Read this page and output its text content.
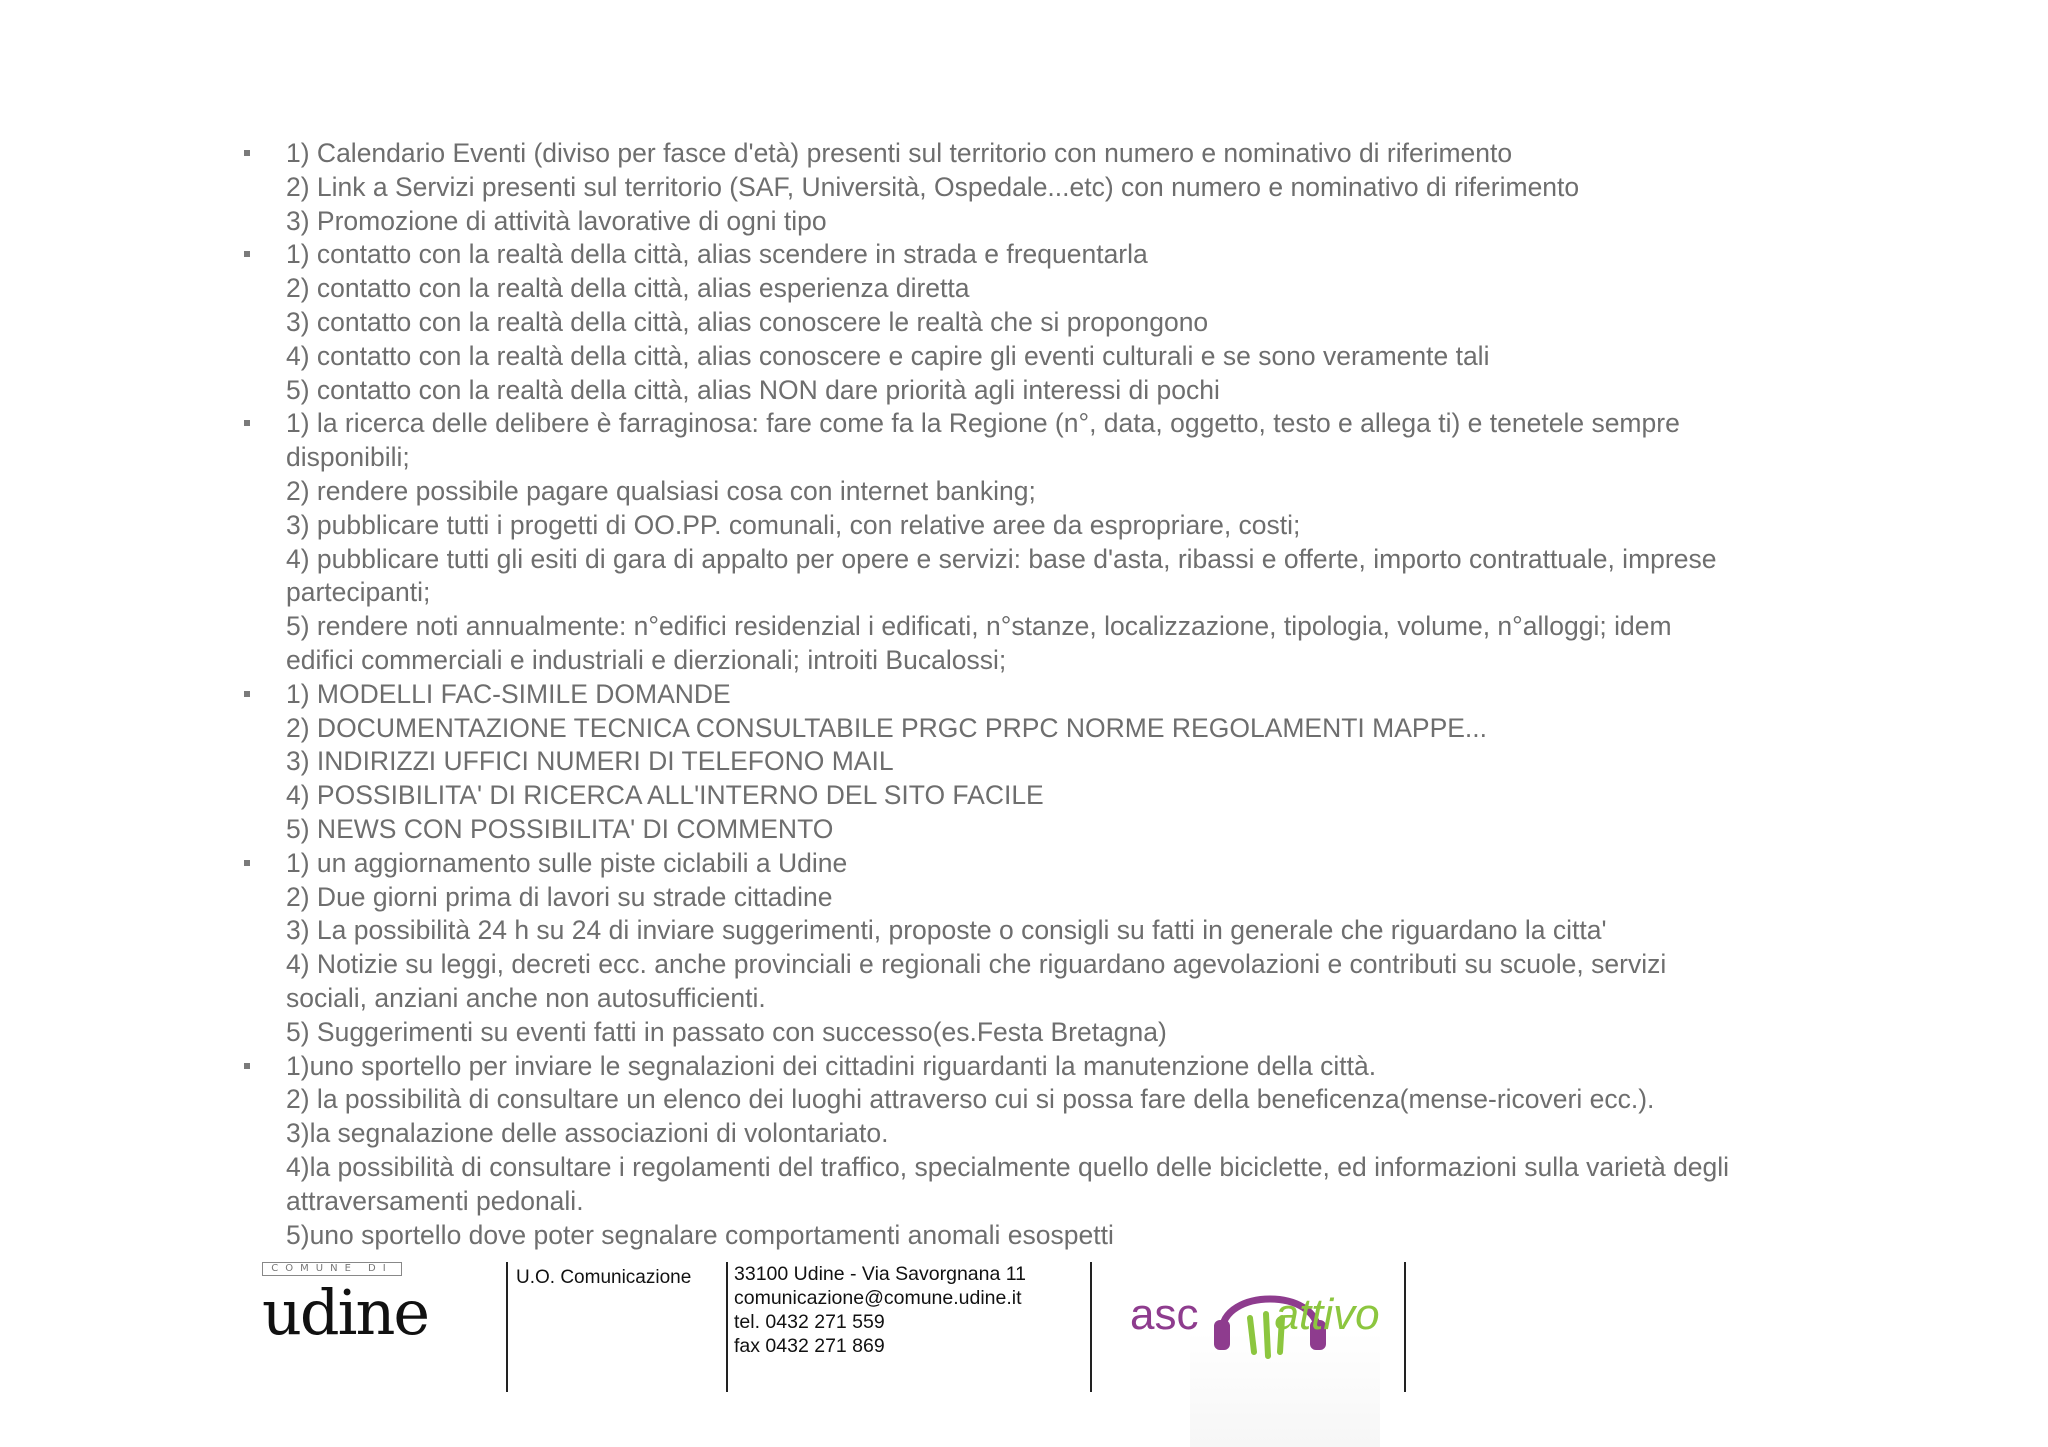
1) Calendario Eventi (diviso per fasce d'età) presenti sul territorio con numero e nominativo di riferimento
2) Link a Servizi presenti sul territorio (SAF, Università, Ospedale...etc) con numero e nominativo di riferimento
3) Promozione di attività lavorative di ogni tipo
1) contatto con la realtà della città, alias scendere in strada e frequentarla
2) contatto con la realtà della città, alias esperienza diretta
3) contatto con la realtà della città, alias conoscere le realtà che si propongono
4) contatto con la realtà della città, alias conoscere e capire gli eventi culturali e se sono veramente tali
5) contatto con la realtà della città, alias NON dare priorità agli interessi di pochi
1) la ricerca delle delibere è farraginosa: fare come fa la Regione (n°, data, oggetto, testo e allega ti) e tenetele sempre
disponibili;
2) rendere possibile pagare qualsiasi cosa con internet banking;
3) pubblicare tutti i progetti di OO.PP. comunali, con relative aree da espropriare, costi;
4) pubblicare tutti gli esiti di gara di appalto per opere e servizi: base d'asta, ribassi e offerte, importo contrattuale, imprese
partecipanti;
5) rendere noti annualmente: n°edifici residenzial i edificati, n°stanze, localizzazione, tipologia, volume, n°alloggi; idem
edifici commerciali e industriali e dierzionali; introiti Bucalossi;
1) MODELLI FAC-SIMILE DOMANDE
2) DOCUMENTAZIONE TECNICA CONSULTABILE PRGC PRPC NORME REGOLAMENTI MAPPE...
3) INDIRIZZI UFFICI NUMERI DI TELEFONO MAIL
4) POSSIBILITA' DI RICERCA ALL'INTERNO DEL SITO FACILE
5) NEWS CON POSSIBILITA' DI COMMENTO
1) un aggiornamento sulle piste ciclabili a Udine
2) Due giorni prima di lavori su strade cittadine
3) La possibilità 24 h su 24 di inviare suggerimenti, proposte o consigli su fatti in generale che riguardano la citta'
4) Notizie su leggi, decreti ecc. anche provinciali e regionali che riguardano agevolazioni e contributi su scuole, servizi
sociali, anziani anche non autosufficienti.
5) Suggerimenti su eventi fatti in passato con successo(es.Festa Bretagna)
1)uno sportello per inviare le segnalazioni dei cittadini riguardanti la manutenzione della città.
2) la possibilità di consultare un elenco dei luoghi attraverso cui si possa fare della beneficenza(mense-ricoveri ecc.).
3)la segnalazione delle associazioni di volontariato.
4)la possibilità di consultare i regolamenti del traffico, specialmente quello delle biciclette, ed informazioni sulla varietà degli
attraversamenti pedonali.
5)uno sportello dove poter segnalare comportamenti anomali esospetti
COMUNE DI
udine	U.O. Comunicazione 33100 Udine - Via Savorgnana 11
comunicazione@comune.udine.it
tel. 0432 271 559
fax 0432 271 869
asc attivo
